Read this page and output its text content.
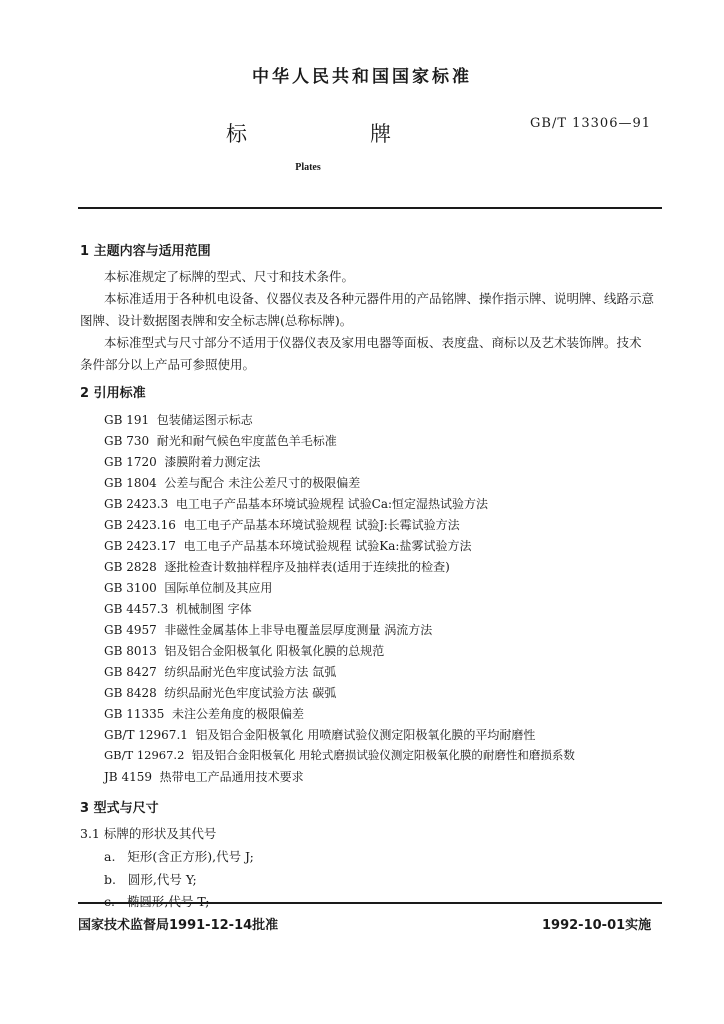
中华人民共和国国家标准
标	牌	GB/T 13306—91
Plates
1 主题内容与适用范围
本标准规定了标牌的型式、尺寸和技术条件。
本标准适用于各种机电设备、仪器仪表及各种元器件用的产品铭牌、操作指示牌、说明牌、线路示意
图牌、设计数据图表牌和安全标志牌(总称标牌)。
本标准型式与尺寸部分不适用于仪器仪表及家用电器等面板、表度盘、商标以及艺术装饰牌。技术
条件部分以上产品可参照使用。
2 引用标准
GB 191 包装储运图示标志
GB 730 耐光和耐气候色牢度蓝色羊毛标准
GB 1720 漆膜附着力测定法
GB 1804 公差与配合 未注公差尺寸的极限偏差
GB 2423.3 电工电子产品基本环境试验规程 试验Ca:恒定湿热试验方法
GB 2423.16 电工电子产品基本环境试验规程 试验J:长霉试验方法
GB 2423.17 电工电子产品基本环境试验规程 试验Ka:盐雾试验方法
GB 2828 逐批检查计数抽样程序及抽样表(适用于连续批的检查)
GB 3100 国际单位制及其应用
GB 4457.3 机械制图 字体
GB 4957 非磁性金属基体上非导电覆盖层厚度测量 涡流方法
GB 8013 铝及铝合金阳极氧化 阳极氧化膜的总规范
GB 8427 纺织品耐光色牢度试验方法 氙弧
GB 8428 纺织品耐光色牢度试验方法 碳弧
GB 11335 未注公差角度的极限偏差
GB/T 12967.1 铝及铝合金阳极氧化 用喷磨试验仪测定阳极氧化膜的平均耐磨性
GB/T 12967.2 铝及铝合金阳极氧化 用轮式磨损试验仪测定阳极氧化膜的耐磨性和磨损系数
JB 4159 热带电工产品通用技术要求
3 型式与尺寸
3.1 标牌的形状及其代号
a. 矩形(含正方形),代号 J;
b. 圆形,代号 Y;

国家技术监督局1991-12-14批准	1992-10-01实施
